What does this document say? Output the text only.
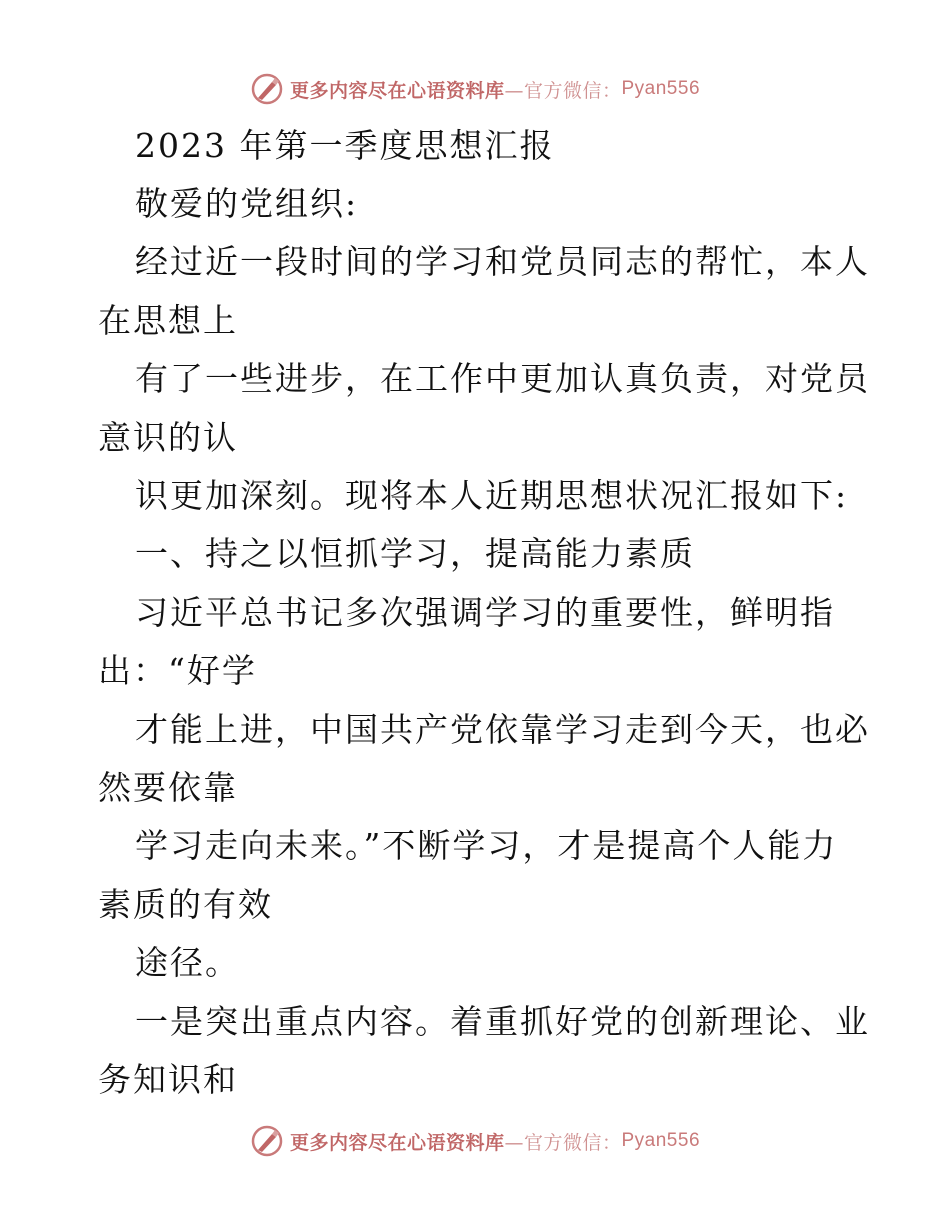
更多内容尽在心语资料库 —官方微信： Pyan556
2023 年第一季度思想汇报
敬爱的党组织:
经过近一段时间的学习和党员同志的帮忙，本人
在思想上
有了一些进步，在工作中更加认真负责，对党员
意识的认
识更加深刻。现将本人近期思想状况汇报如下:
一、持之以恒抓学习，提高能力素质
习近平总书记多次强调学习的重要性，鲜明指
出：“好学
才能上进，中国共产党依靠学习走到今天，也必
然要依靠
学习走向未来。”不断学习，才是提高个人能力
素质的有效
途径。
一是突出重点内容。着重抓好党的创新理论、业
务知识和
更多内容尽在心语资料库 —官方微信： Pyan556
